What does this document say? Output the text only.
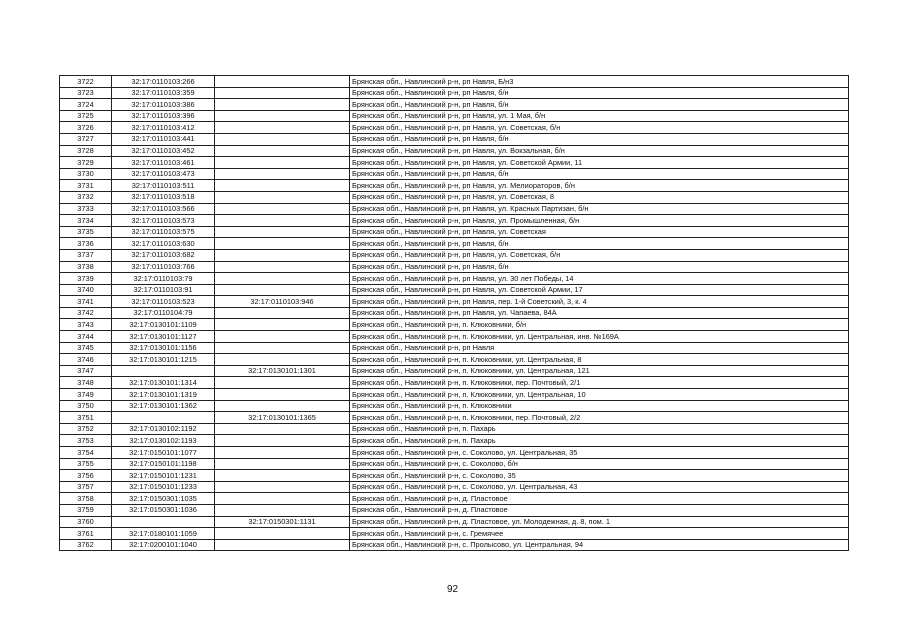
3722	32:17:0110103:266		Брянская обл., Навлинский р-н, рп Навля, Б/н3
3723	32:17:0110103:359		Брянская обл., Навлинский р-н, рп Навля, б/н
3724	32:17:0110103:386		Брянская обл., Навлинский р-н, рп Навля, б/н
3725	32:17:0110103:396		Брянская обл., Навлинский р-н, рп Навля, ул. 1 Мая, б/н
3726	32:17:0110103:412		Брянская обл., Навлинский р-н, рп Навля, ул. Советская, б/н
3727	32:17:0110103:441		Брянская обл., Навлинский р-н, рп Навля, б/н
3728	32:17:0110103:452		Брянская обл., Навлинский р-н, рп Навля, ул. Вокзальная, б/н
3729	32:17:0110103:461		Брянская обл., Навлинский р-н, рп Навля, ул. Советской Армии, 11
3730	32:17:0110103:473		Брянская обл., Навлинский р-н, рп Навля, б/н
3731	32:17:0110103:511		Брянская обл., Навлинский р-н, рп Навля, ул. Мелиораторов, б/н
3732	32:17:0110103:518		Брянская обл., Навлинский р-н, рп Навля, ул. Советская, 8
3733	32:17:0110103:566		Брянская обл., Навлинский р-н, рп Навля, ул. Красных Партизан, б/н
3734	32:17:0110103:573		Брянская обл., Навлинский р-н, рп Навля, ул. Промышленная, б/н
3735	32:17:0110103:575		Брянская обл., Навлинский р-н, рп Навля, ул. Советская
3736	32:17:0110103:630		Брянская обл., Навлинский р-н, рп Навля, б/н
3737	32:17:0110103:682		Брянская обл., Навлинский р-н, рп Навля, ул. Советская, б/н
3738	32:17:0110103:766		Брянская обл., Навлинский р-н, рп Навля, б/н
3739	32:17:0110103:79		Брянская обл., Навлинский р-н, рп Навля, ул. 30 лет Победы, 14
3740	32:17:0110103:91		Брянская обл., Навлинский р-н, рп Навля, ул. Советской Армии, 17
3741	32:17:0110103:523	32:17:0110103:946	Брянская обл., Навлинский р-н, рп Навля, пер. 1-й Советский, 3, к. 4
3742	32:17:0110104:79		Брянская обл., Навлинский р-н, рп Навля, ул. Чапаева, 84А
3743	32:17:0130101:1109		Брянская обл., Навлинский р-н, п. Клюковники, б/н
3744	32:17:0130101:1127		Брянская обл., Навлинский р-н, п. Клюковники, ул. Центральная, инв. №169А
3745	32:17:0130101:1156		Брянская обл., Навлинский р-н, рп Навля
3746	32:17:0130101:1215		Брянская обл., Навлинский р-н, п. Клюковники, ул. Центральная, 8
3747		32:17:0130101:1301	Брянская обл., Навлинский р-н, п. Клюковники, ул. Центральная, 121
3748	32:17:0130101:1314		Брянская обл., Навлинский р-н, п. Клюковники, пер. Почтовый, 2/1
3749	32:17:0130101:1319		Брянская обл., Навлинский р-н, п. Клюковники, ул. Центральная, 10
3750	32:17:0130101:1362		Брянская обл., Навлинский р-н, п. Клюковники
3751		32:17:0130101:1365	Брянская обл., Навлинский р-н, п. Клюковники, пер. Почтовый, 2/2
3752	32:17:0130102:1192		Брянская обл., Навлинский р-н, п. Пахарь
3753	32:17:0130102:1193		Брянская обл., Навлинский р-н, п. Пахарь
3754	32:17:0150101:1077		Брянская обл., Навлинский р-н, с. Соколово, ул. Центральная, 35
3755	32:17:0150101:1198		Брянская обл., Навлинский р-н, с. Соколово, б/н
3756	32:17:0150101:1231		Брянская обл., Навлинский р-н, с. Соколово, 35
3757	32:17:0150101:1233		Брянская обл., Навлинский р-н, с. Соколово, ул. Центральная, 43
3758	32:17:0150301:1035		Брянская обл., Навлинский р-н, д. Пластовое
3759	32:17:0150301:1036		Брянская обл., Навлинский р-н, д. Пластовое
3760		32:17:0150301:1131	Брянская обл., Навлинский р-н, д. Пластовое, ул. Молодежная, д. 8, пом. 1
3761	32:17:0180101:1059		Брянская обл., Навлинский р-н, с. Гремячее
3762	32:17:0200101:1040		Брянская обл., Навлинский р-н, с. Пролысово, ул. Центральная, 94
92
